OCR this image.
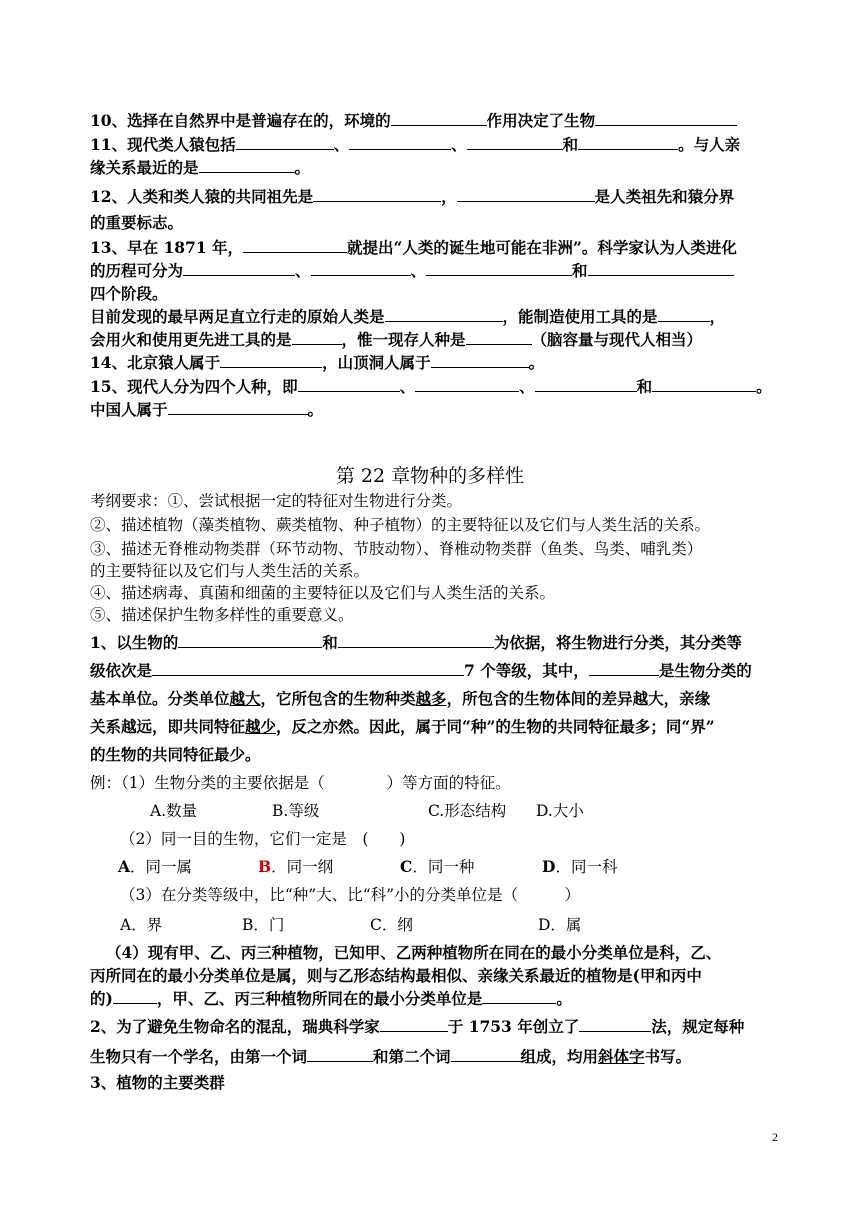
10、选择在自然界中是普遍存在的，环境的	作用决定了生物
11、现代类人猿包括	、	、	和	。与人亲
缘关系最近的是	。
12、人类和类人猿的共同祖先是	，	是人类祖先和猿分界
的重要标志。
13、早在 1871 年，	就提出“人类的诞生地可能在非洲”。科学家认为人类进化
的历程可分为	、	、	和
四个阶段。
目前发现的最早两足直立行走的原始人类是	，能制造使用工具的是	，
会用火和使用更先进工具的是	，惟一现存人种是	（脑容量与现代人相当）
14、北京猿人属于	，山顶洞人属于	。
15、现代人分为四个人种，即	、	、	和	。
中国人属于	。
第 22 章物种的多样性
考纲要求：①、尝试根据一定的特征对生物进行分类。
②、描述植物（藻类植物、蕨类植物、种子植物）的主要特征以及它们与人类生活的关系。
③、描述无脊椎动物类群（环节动物、节肢动物）、脊椎动物类群（鱼类、鸟类、哺乳类）
的主要特征以及它们与人类生活的关系。
④、描述病毒、真菌和细菌的主要特征以及它们与人类生活的关系。
⑤、描述保护生物多样性的重要意义。
1、以生物的	和	为依据，将生物进行分类，其分类等
级依次是	7 个等级，其中，	是生物分类的
基本单位。分类单位越大，它所包含的生物种类越多，所包含的生物体间的差异越大，亲缘
关系越远，即共同特征越少，反之亦然。因此，属于同“种”的生物的共同特征最多；同“界”
的生物的共同特征最少。
例：（1）生物分类的主要依据是（　　　　）等方面的特征。
A.数量	B.等级	C.形态结构 D.大小
（2）同一目的生物，它们一定是　(　　)
A．同一属	B．同一纲	C．同一种	D．同一科
（3）在分类等级中，比“种”大、比“科”小的分类单位是（　　　）
A．界	B．门	C．纲	D．属
（4）现有甲、乙、丙三种植物，已知甲、乙两种植物所在同在的最小分类单位是科，乙、
丙所同在的最小分类单位是属，则与乙形态结构最相似、亲缘关系最近的植物是(甲和丙中
的)	，甲、乙、丙三种植物所同在的最小分类单位是	。
2、为了避免生物命名的混乱，瑞典科学家	于 1753 年创立了	法，规定每种
生物只有一个学名，由第一个词	和第二个词	组成，均用斜体字书写。
3、植物的主要类群
2
